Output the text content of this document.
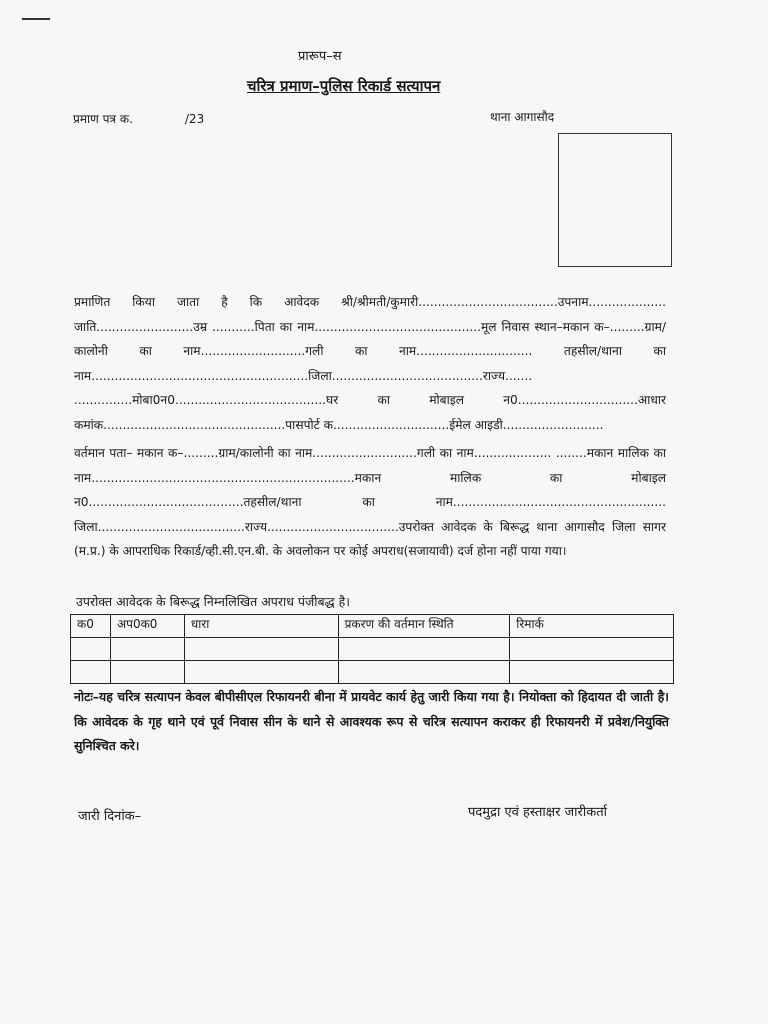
प्रारूप–स
चरित्र प्रमाण–पुलिस रिकार्ड सत्यापन
प्रमाण पत्र क.	/23	थाना आगासौद
प्रमाणित किया जाता है कि आवेदक श्री/श्रीमती/कुमारी....................................उपनाम.................... जाति.........................उम्र ...........पिता का नाम...........................................मूल निवास स्थान–मकान क–.........ग्राम/कालोनी का नाम...........................गली का नाम.............................. तहसील/थाना का नाम........................................................जिला.......................................राज्य....... ...............मोबा0न0.......................................घर का मोबाइल न0...............................आधार कमांक...............................................पासपोर्ट क..............................ईमेल आइडी..........................
वर्तमान पता– मकान क–.........ग्राम/कालोनी का नाम...........................गली का नाम.................... ........मकान मालिक का नाम....................................................................मकान मालिक का मोबाइल न0........................................तहसील/थाना का नाम....................................................... जिला......................................राज्य..................................उपरोक्त आवेदक के बिरूद्ध थाना आगासौद जिला सागर (म.प्र.) के आपराधिक रिकार्ड/व्ही.सी.एन.बी. के अवलोकन पर कोई अपराध(सजायावी) दर्ज होना नहीं पाया गया।
उपरोक्त आवेदक के बिरूद्ध निम्नलिखित अपराध पंजीबद्ध है।
क0	अप0क0	धारा	प्रकरण की वर्तमान स्थिति	रिमार्क

नोटः–यह चरित्र सत्यापन केवल बीपीसीएल रिफायनरी बीना में प्रायवेट कार्य हेतु जारी किया गया है। नियोक्ता को हिदायत दी जाती है। कि आवेदक के गृह थाने एवं पूर्व निवास सीन के थाने से आवश्यक रूप से चरित्र सत्यापन कराकर ही रिफायनरी में प्रवेश/नियुक्ति सुनिश्चित करे।
जारी दिनांक–	पदमुद्रा एवं हस्ताक्षर जारीकर्ता
